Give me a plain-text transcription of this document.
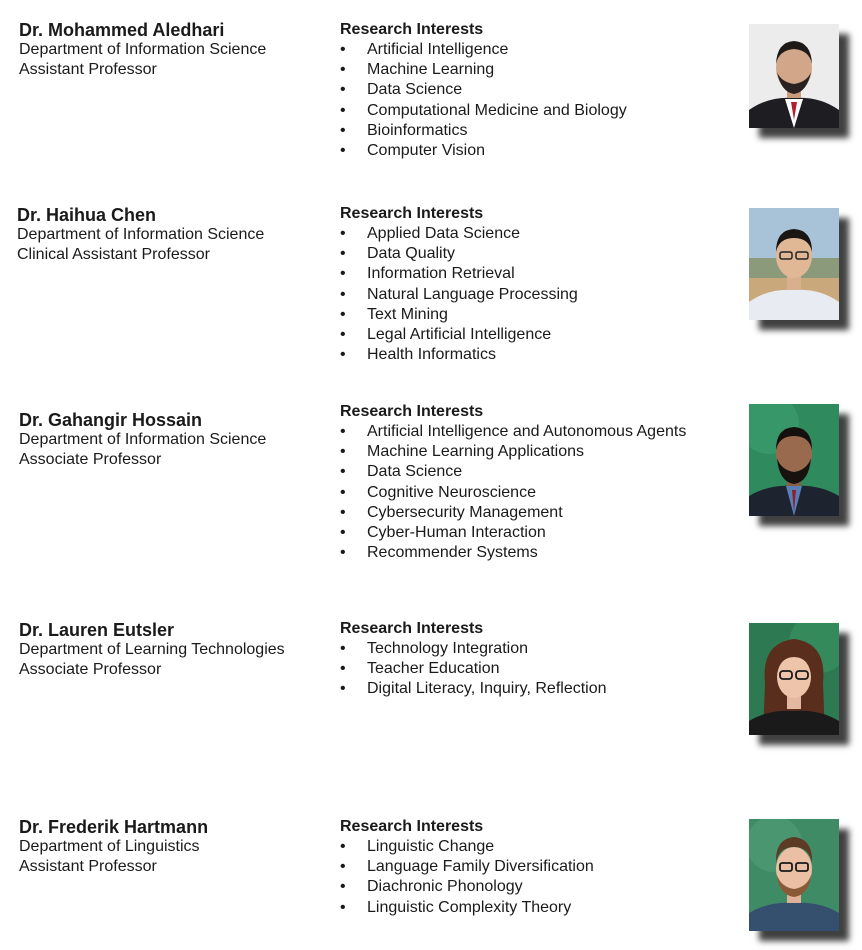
Dr. Mohammed Aledhari

Department of Information Science

Assistant Professor

Research Interests

• Artificial Intelligence
• Machine Learning
• Data Science
• Computational Medicine and Biology
• Bioinformatics
• Computer Vision

Dr. Haihua Chen

Department of Information Science

Clinical Assistant Professor

Research Interests

• Applied Data Science
• Data Quality
• Information Retrieval
• Natural Language Processing
• Text Mining
• Legal Artificial Intelligence
• Health Informatics

Dr. Gahangir Hossain

Department of Information Science

Associate Professor

Research Interests

• Artificial Intelligence and Autonomous Agents
• Machine Learning Applications
• Data Science
• Cognitive Neuroscience
• Cybersecurity Management
• Cyber-Human Interaction
• Recommender Systems

Dr. Lauren Eutsler

Department of Learning Technologies

Associate Professor

Research Interests

• Technology Integration
• Teacher Education
• Digital Literacy, Inquiry, Reflection

Dr. Frederik Hartmann

Department of Linguistics

Assistant Professor

Research Interests

• Linguistic Change
• Language Family Diversification
• Diachronic Phonology
• Linguistic Complexity Theory
